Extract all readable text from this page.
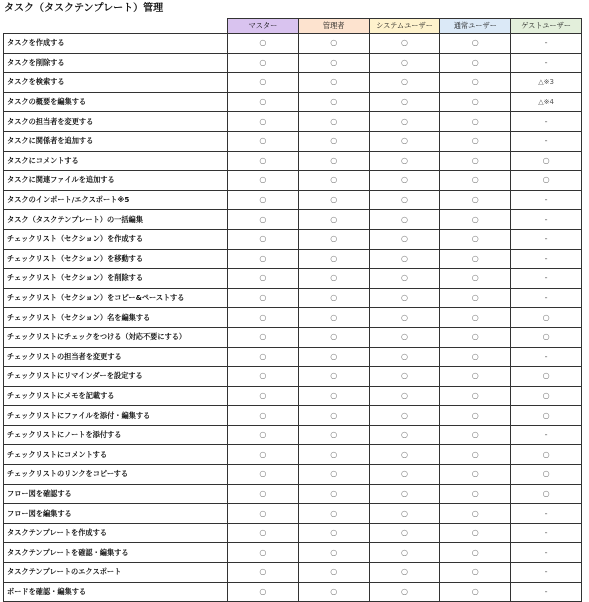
タスク（タスクテンプレート）管理
	マスター	管理者	システムユーザー	通常ユーザー	ゲストユーザー
タスクを作成する	○	○	○	○	-
タスクを削除する	○	○	○	○	-
タスクを検索する	○	○	○	○	△※3
タスクの概要を編集する	○	○	○	○	△※4
タスクの担当者を変更する	○	○	○	○	-
タスクに関係者を追加する	○	○	○	○	-
タスクにコメントする	○	○	○	○	○
タスクに関連ファイルを追加する	○	○	○	○	○
タスクのインポート/エクスポート※5	○	○	○	○	-
タスク（タスクテンプレート）の一括編集	○	○	○	○	-
チェックリスト（セクション）を作成する	○	○	○	○	-
チェックリスト（セクション）を移動する	○	○	○	○	-
チェックリスト（セクション）を削除する	○	○	○	○	-
チェックリスト（セクション）をコピー&ペーストする	○	○	○	○	-
チェックリスト（セクション）名を編集する	○	○	○	○	○
チェックリストにチェックをつける（対応不要にする）	○	○	○	○	○
チェックリストの担当者を変更する	○	○	○	○	-
チェックリストにリマインダーを設定する	○	○	○	○	○
チェックリストにメモを記載する	○	○	○	○	○
チェックリストにファイルを添付・編集する	○	○	○	○	○
チェックリストにノートを添付する	○	○	○	○	-
チェックリストにコメントする	○	○	○	○	○
チェックリストのリンクをコピーする	○	○	○	○	○
フロー図を確認する	○	○	○	○	○
フロー図を編集する	○	○	○	○	-
タスクテンプレートを作成する	○	○	○	○	-
タスクテンプレートを確認・編集する	○	○	○	○	-
タスクテンプレートのエクスポート	○	○	○	○	-
ボードを確認・編集する	○	○	○	○	-
